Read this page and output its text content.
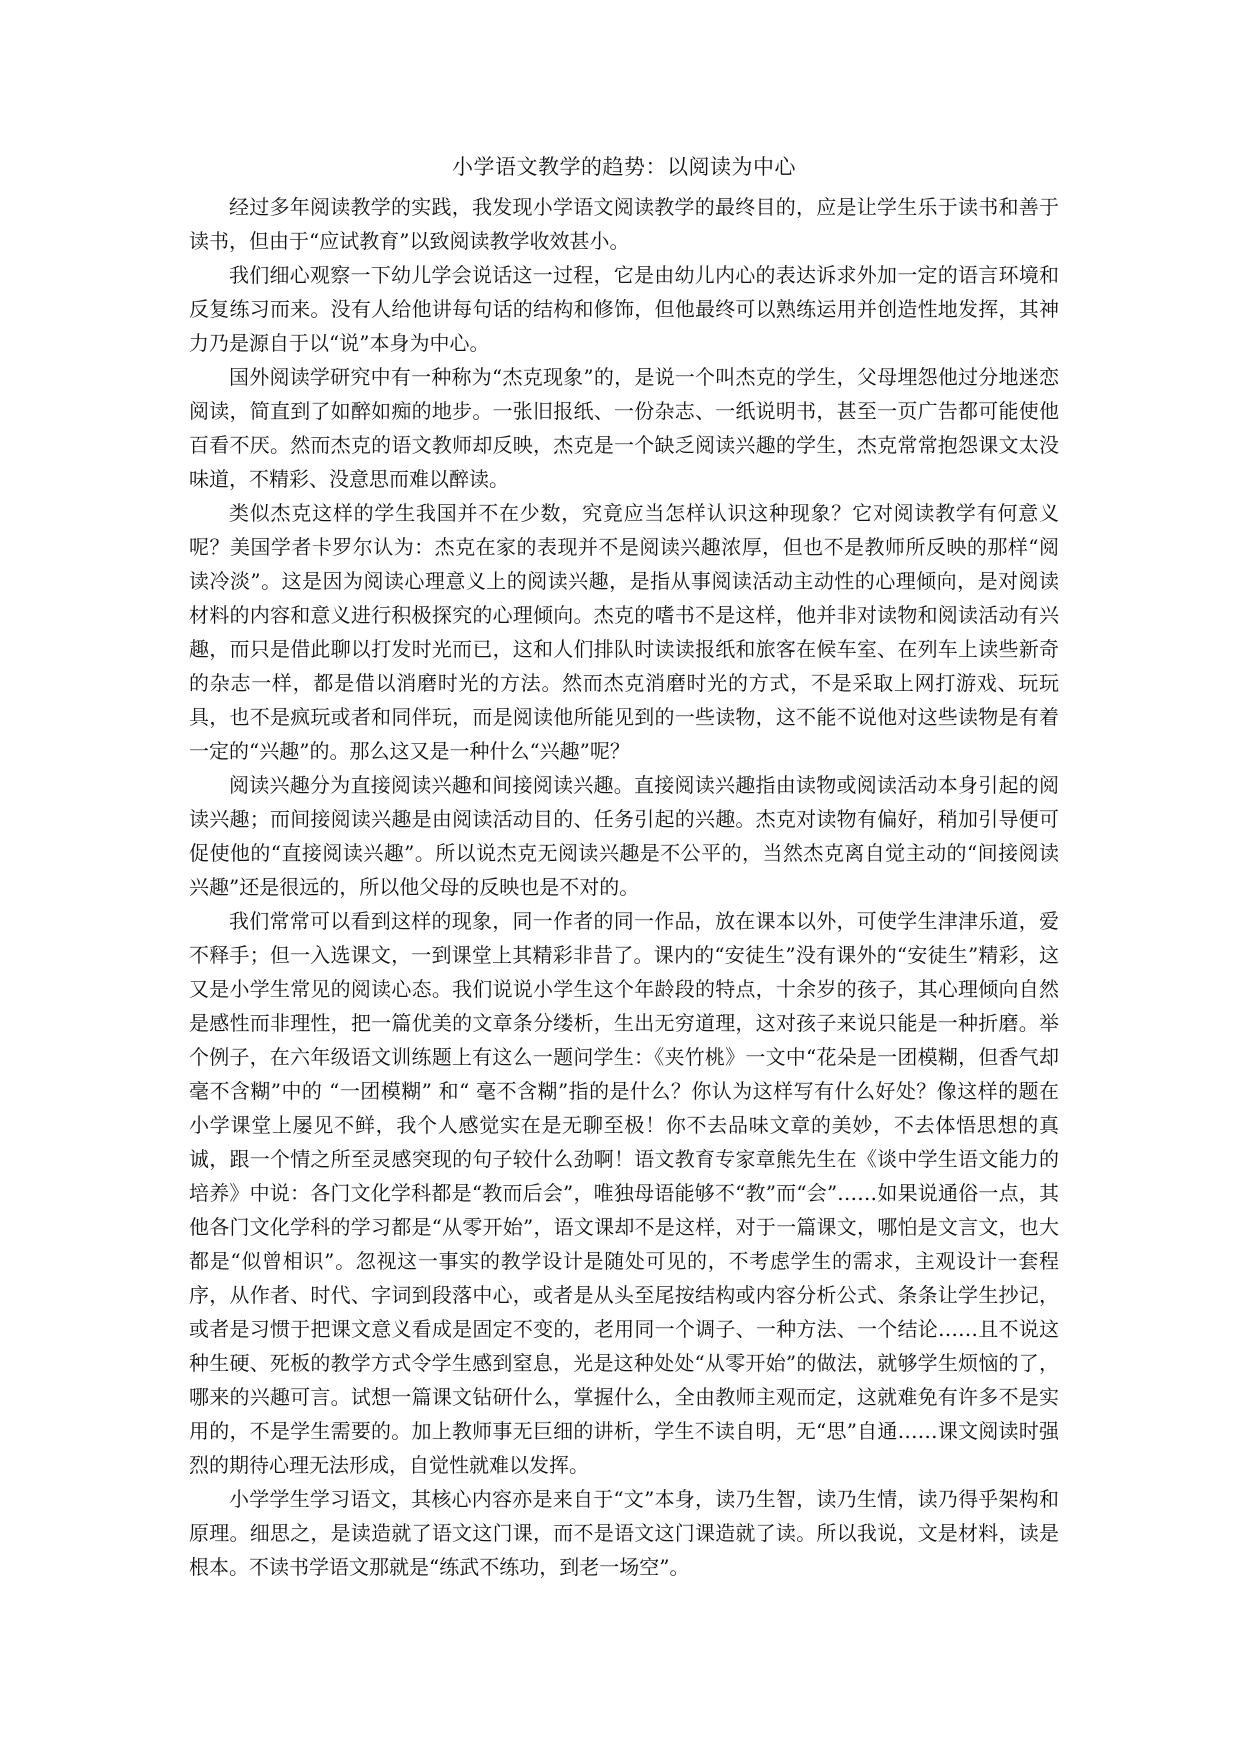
小学语文教学的趋势：以阅读为中心

经过多年阅读教学的实践，我发现小学语文阅读教学的最终目的，应是让学生乐于读书和善于读书，但由于“应试教育”以致阅读教学收效甚小。

我们细心观察一下幼儿学会说话这一过程，它是由幼儿内心的表达诉求外加一定的语言环境和反复练习而来。没有人给他讲每句话的结构和修饰，但他最终可以熟练运用并创造性地发挥，其神力乃是源自于以“说”本身为中心。

国外阅读学研究中有一种称为“杰克现象”的，是说一个叫杰克的学生，父母埋怨他过分地迷恋阅读，简直到了如醉如痴的地步。一张旧报纸、一份杂志、一纸说明书，甚至一页广告都可能使他百看不厌。然而杰克的语文教师却反映，杰克是一个缺乏阅读兴趣的学生，杰克常常抱怨课文太没味道，不精彩、没意思而难以醉读。

类似杰克这样的学生我国并不在少数，究竟应当怎样认识这种现象？它对阅读教学有何意义呢？美国学者卡罗尔认为：杰克在家的表现并不是阅读兴趣浓厚，但也不是教师所反映的那样“阅读冷淡”。这是因为阅读心理意义上的阅读兴趣，是指从事阅读活动主动性的心理倾向，是对阅读材料的内容和意义进行积极探究的心理倾向。杰克的嗜书不是这样，他并非对读物和阅读活动有兴趣，而只是借此聊以打发时光而已，这和人们排队时读读报纸和旅客在候车室、在列车上读些新奇的杂志一样，都是借以消磨时光的方法。然而杰克消磨时光的方式，不是采取上网打游戏、玩玩具，也不是疯玩或者和同伴玩，而是阅读他所能见到的一些读物，这不能不说他对这些读物是有着一定的“兴趣”的。那么这又是一种什么“兴趣”呢？

阅读兴趣分为直接阅读兴趣和间接阅读兴趣。直接阅读兴趣指由读物或阅读活动本身引起的阅读兴趣；而间接阅读兴趣是由阅读活动目的、任务引起的兴趣。杰克对读物有偏好，稍加引导便可促使他的“直接阅读兴趣”。所以说杰克无阅读兴趣是不公平的，当然杰克离自觉主动的“间接阅读兴趣”还是很远的，所以他父母的反映也是不对的。

我们常常可以看到这样的现象，同一作者的同一作品，放在课本以外，可使学生津津乐道，爱不释手；但一入选课文，一到课堂上其精彩非昔了。课内的“安徒生”没有课外的“安徒生”精彩，这又是小学生常见的阅读心态。我们说说小学生这个年龄段的特点，十余岁的孩子，其心理倾向自然是感性而非理性，把一篇优美的文章条分缕析，生出无穷道理，这对孩子来说只能是一种折磨。举个例子，在六年级语文训练题上有这么一题问学生：《夹竹桃》一文中“花朵是一团模糊，但香气却毫不含糊”中的 “一团模糊” 和“ 毫不含糊”指的是什么？你认为这样写有什么好处？像这样的题在小学课堂上屡见不鲜，我个人感觉实在是无聊至极！你不去品味文章的美妙，不去体悟思想的真诚，跟一个情之所至灵感突现的句子较什么劲啊！语文教育专家章熊先生在《谈中学生语文能力的培养》中说：各门文化学科都是“教而后会”，唯独母语能够不“教”而“会”……如果说通俗一点，其他各门文化学科的学习都是“从零开始”，语文课却不是这样，对于一篇课文，哪怕是文言文，也大都是“似曾相识”。忽视这一事实的教学设计是随处可见的，不考虑学生的需求，主观设计一套程序，从作者、时代、字词到段落中心，或者是从头至尾按结构或内容分析公式、条条让学生抄记，或者是习惯于把课文意义看成是固定不变的，老用同一个调子、一种方法、一个结论……且不说这种生硬、死板的教学方式令学生感到窒息，光是这种处处“从零开始”的做法，就够学生烦恼的了，哪来的兴趣可言。试想一篇课文钻研什么，掌握什么，全由教师主观而定，这就难免有许多不是实用的，不是学生需要的。加上教师事无巨细的讲析，学生不读自明，无“思”自通……课文阅读时强烈的期待心理无法形成，自觉性就难以发挥。

小学学生学习语文，其核心内容亦是来自于“文”本身，读乃生智，读乃生情，读乃得乎架构和原理。细思之，是读造就了语文这门课，而不是语文这门课造就了读。所以我说，文是材料，读是根本。不读书学语文那就是“练武不练功，到老一场空”。
